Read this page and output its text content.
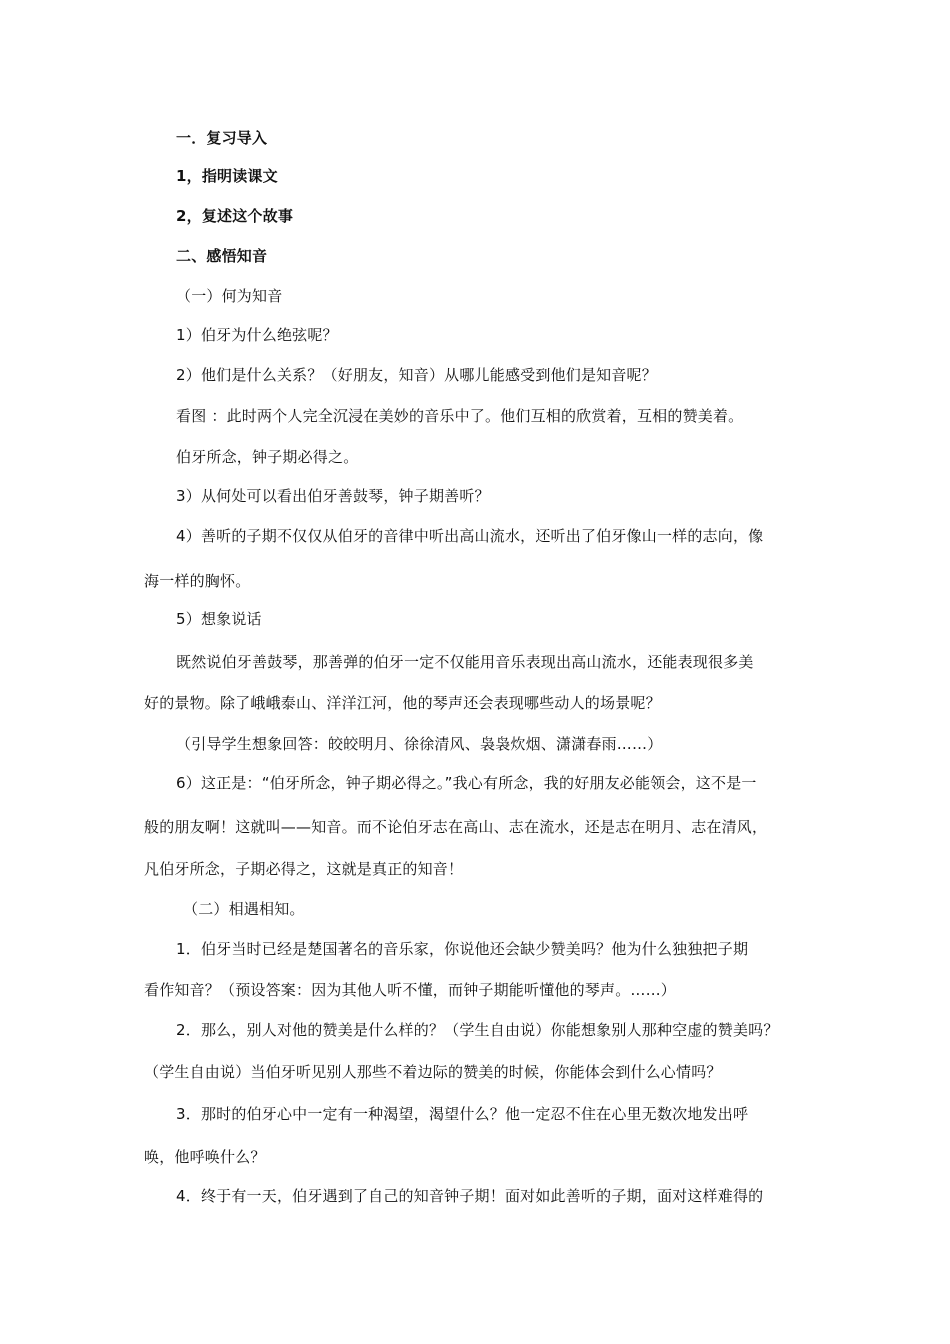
一．复习导入

1，指明读课文

2，复述这个故事

二、感悟知音

（一）何为知音

1）伯牙为什么绝弦呢？

2）他们是什么关系？（好朋友，知音）从哪儿能感受到他们是知音呢？

看图 ：此时两个人完全沉浸在美妙的音乐中了。他们互相的欣赏着，互相的赞美着。

伯牙所念，钟子期必得之。

3）从何处可以看出伯牙善鼓琴，钟子期善听？

4）善听的子期不仅仅从伯牙的音律中听出高山流水，还听出了伯牙像山一样的志向，像

海一样的胸怀。

5）想象说话

既然说伯牙善鼓琴，那善弹的伯牙一定不仅能用音乐表现出高山流水，还能表现很多美

好的景物。除了峨峨泰山、洋洋江河，他的琴声还会表现哪些动人的场景呢？

（引导学生想象回答：皎皎明月、徐徐清风、袅袅炊烟、潇潇春雨……）

6）这正是：“伯牙所念，钟子期必得之。”我心有所念，我的好朋友必能领会，这不是一

般的朋友啊！这就叫——知音。而不论伯牙志在高山、志在流水，还是志在明月、志在清风，

凡伯牙所念，子期必得之，这就是真正的知音！

（二）相遇相知。

1．伯牙当时已经是楚国著名的音乐家，你说他还会缺少赞美吗？他为什么独独把子期

看作知音？（预设答案：因为其他人听不懂，而钟子期能听懂他的琴声。……）

2．那么，别人对他的赞美是什么样的？（学生自由说）你能想象别人那种空虚的赞美吗？

（学生自由说）当伯牙听见别人那些不着边际的赞美的时候，你能体会到什么心情吗？

3．那时的伯牙心中一定有一种渴望，渴望什么？他一定忍不住在心里无数次地发出呼

唤，他呼唤什么？

4．终于有一天，伯牙遇到了自己的知音钟子期！面对如此善听的子期，面对这样难得的
